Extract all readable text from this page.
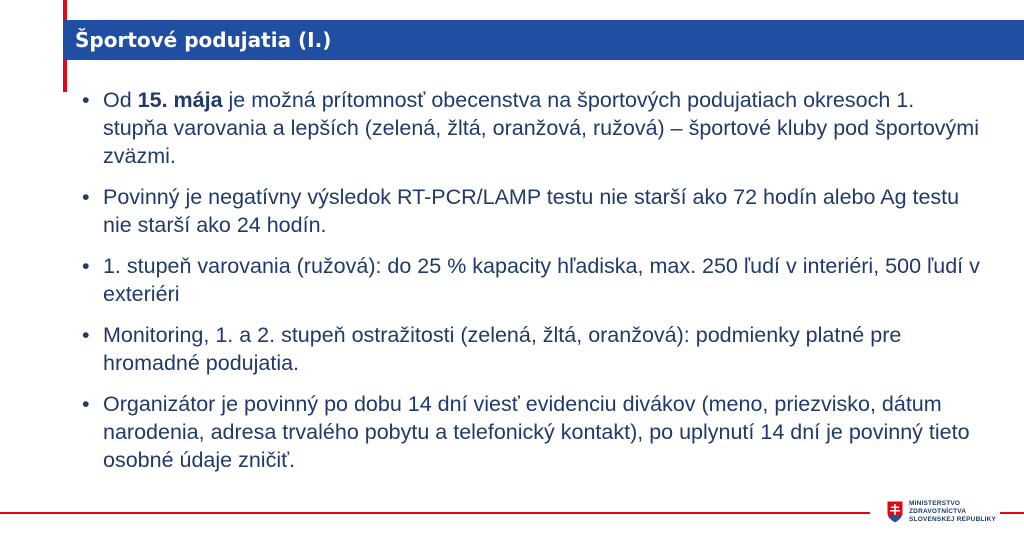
Športové podujatia (I.)
• Od 15. mája je možná prítomnosť obecenstva na športových podujatiach okresoch 1. stupňa varovania a lepších (zelená, žltá, oranžová, ružová) – športové kluby pod športovými zväzmi.
• Povinný je negatívny výsledok RT-PCR/LAMP testu nie starší ako 72 hodín alebo Ag testu nie starší ako 24 hodín.
• 1. stupeň varovania (ružová): do 25 % kapacity hľadiska, max. 250 ľudí v interiéri, 500 ľudí v exteriéri
• Monitoring, 1. a 2. stupeň ostražitosti (zelená, žltá, oranžová): podmienky platné pre hromadné podujatia.
• Organizátor je povinný po dobu 14 dní viesť evidenciu divákov (meno, priezvisko, dátum narodenia, adresa trvalého pobytu a telefonický kontakt), po uplynutí 14 dní je povinný tieto osobné údaje zničiť.
MINISTERSTVO
ZDRAVOTNÍCTVA
SLOVENSKEJ REPUBLIKY
